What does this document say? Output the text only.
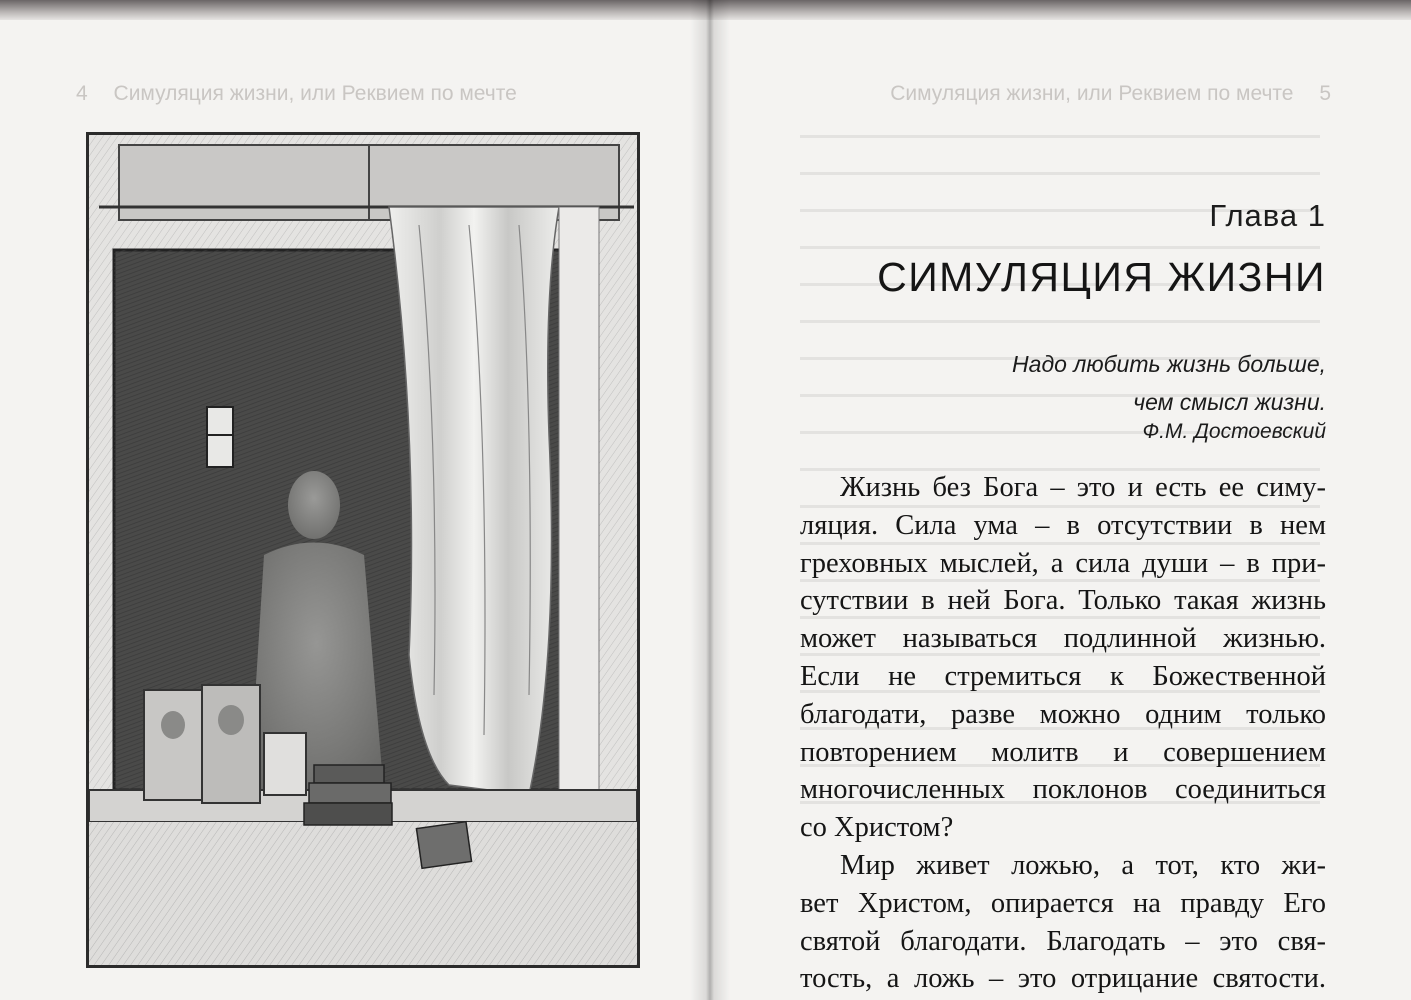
4 Симуляция жизни, или Реквием по мечте	Симуляция жизни, или Реквием по мечте 5
Глава 1
СИМУЛЯЦИЯ ЖИЗНИ
Надо любить жизнь больше,
чем смысл жизни.
Ф.М. Достоевский
Жизнь без Бога – это и есть ее симу-
ляция. Сила ума – в отсутствии в нем
греховных мыслей, а сила души – в при-
сутствии в ней Бога. Только такая жизнь
может называться подлинной жизнью.
Если не стремиться к Божественной
благодати, разве можно одним только
повторением молитв и совершением
многочисленных поклонов соединиться
со Христом?
Мир живет ложью, а тот, кто жи-
вет Христом, опирается на правду Его
святой благодати. Благодать – это свя-
тость, а ложь – это отрицание святости.
